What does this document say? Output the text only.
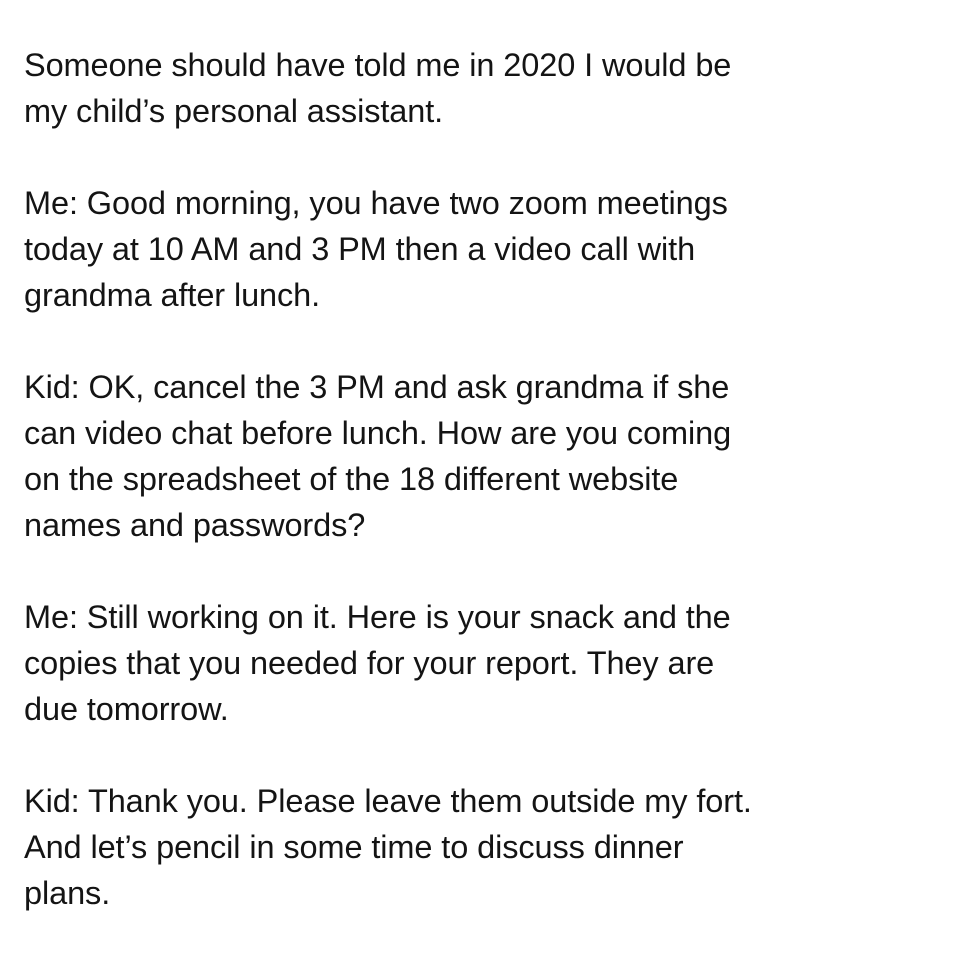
Someone should have told me in 2020 I would be
my child’s personal assistant.

Me: Good morning, you have two zoom meetings
today at 10 AM and 3 PM then a video call with
grandma after lunch.

Kid: OK, cancel the 3 PM and ask grandma if she
can video chat before lunch. How are you coming
on the spreadsheet of the 18 different website
names and passwords?

Me: Still working on it. Here is your snack and the
copies that you needed for your report. They are
due tomorrow.

Kid: Thank you. Please leave them outside my fort.
And let’s pencil in some time to discuss dinner
plans.
